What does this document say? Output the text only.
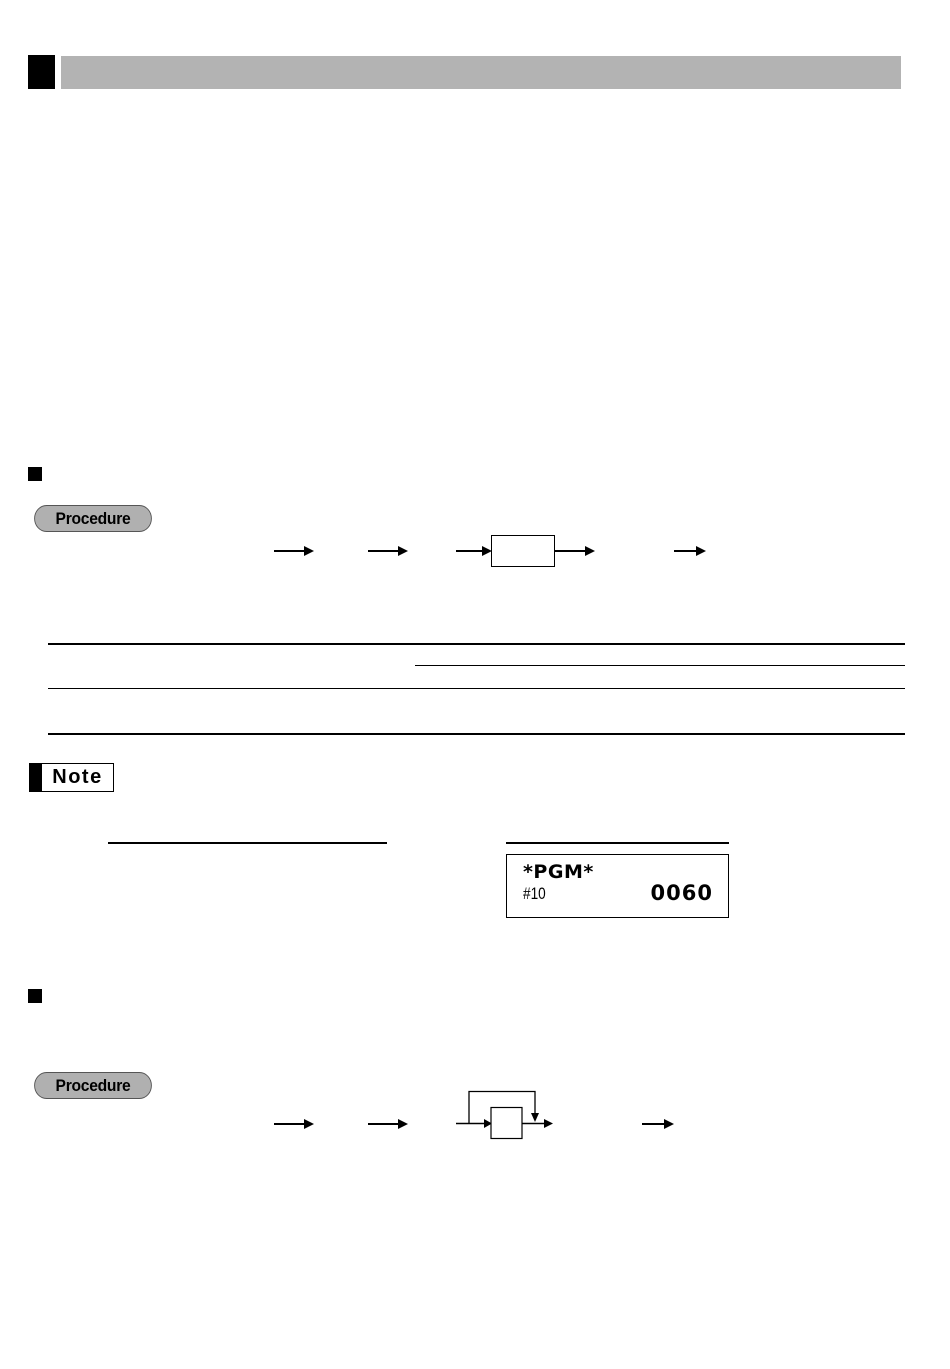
Procedure
Note
*PGM*
#10	0060
Procedure
